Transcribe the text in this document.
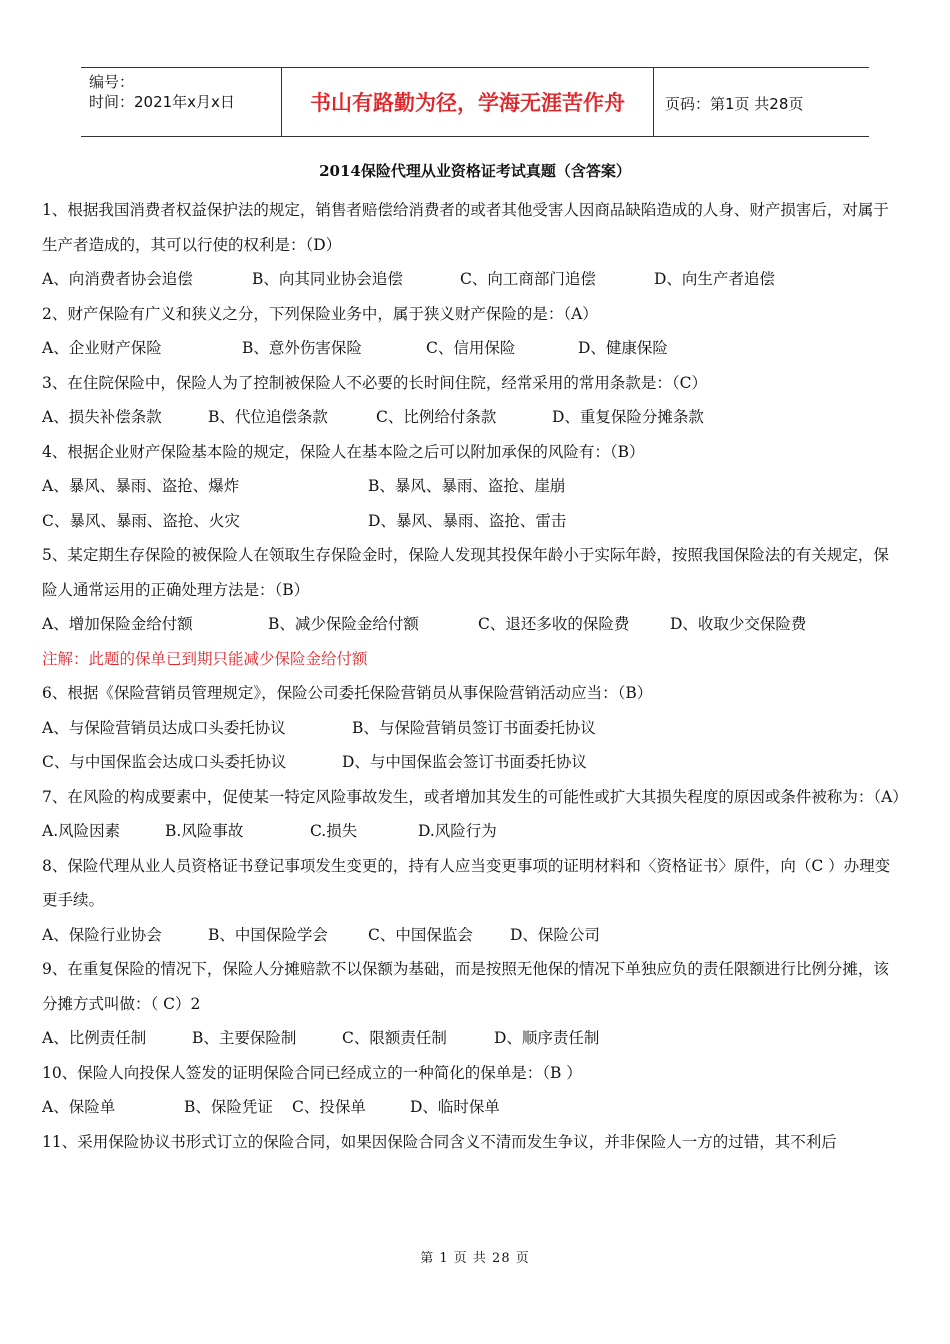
编号：
时间：2021年x月x日	书山有路勤为径，学海无涯苦作舟	页码：第1页 共28页
2014保险代理从业资格证考试真题（含答案）
1、根据我国消费者权益保护法的规定，销售者赔偿给消费者的或者其他受害人因商品缺陷造成的人身、财产损害后，对属于生产者造成的，其可以行使的权利是：（D）
A、向消费者协会追偿	B、向其同业协会追偿	C、向工商部门追偿	D、向生产者追偿
2、财产保险有广义和狭义之分，下列保险业务中，属于狭义财产保险的是：（A）
A、企业财产保险	B、意外伤害保险	C、信用保险	D、健康保险
3、在住院保险中，保险人为了控制被保险人不必要的长时间住院，经常采用的常用条款是：（C）
A、损失补偿条款	B、代位追偿条款	C、比例给付条款	D、重复保险分摊条款
4、根据企业财产保险基本险的规定，保险人在基本险之后可以附加承保的风险有：（B）
A、暴风、暴雨、盗抢、爆炸	B、暴风、暴雨、盗抢、崖崩
C、暴风、暴雨、盗抢、火灾	D、暴风、暴雨、盗抢、雷击
5、某定期生存保险的被保险人在领取生存保险金时，保险人发现其投保年龄小于实际年龄，按照我国保险法的有关规定，保险人通常运用的正确处理方法是：（B）
A、增加保险金给付额	B、减少保险金给付额	C、退还多收的保险费	D、收取少交保险费
注解：此题的保单已到期只能减少保险金给付额
6、根据《保险营销员管理规定》，保险公司委托保险营销员从事保险营销活动应当：（B）
A、与保险营销员达成口头委托协议	B、与保险营销员签订书面委托协议
C、与中国保监会达成口头委托协议	D、与中国保监会签订书面委托协议
7、在风险的构成要素中，促使某一特定风险事故发生，或者增加其发生的可能性或扩大其损失程度的原因或条件被称为：（A）
A.风险因素	B.风险事故	C.损失	D.风险行为
8、保险代理从业人员资格证书登记事项发生变更的，持有人应当变更事项的证明材料和〈资格证书〉原件，向（C ）办理变更手续。
A、保险行业协会	B、中国保险学会	C、中国保监会 D、保险公司
9、在重复保险的情况下，保险人分摊赔款不以保额为基础，而是按照无他保的情况下单独应负的责任限额进行比例分摊，该分摊方式叫做：（ C）2
A、比例责任制	B、主要保险制	C、限额责任制	D、顺序责任制
10、保险人向投保人签发的证明保险合同已经成立的一种简化的保单是：（B ）
A、保险单	B、保险凭证 C、投保单	D、临时保单
11、采用保险协议书形式订立的保险合同，如果因保险合同含义不清而发生争议，并非保险人一方的过错，其不利后
第 1 页 共 28 页
